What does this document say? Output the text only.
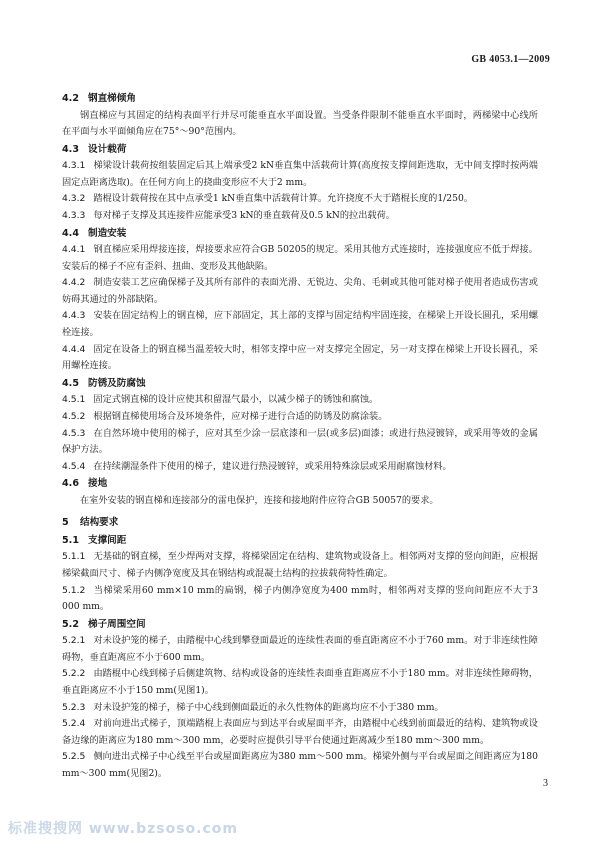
GB 4053.1—2009
4.2 钢直梯倾角

钢直梯应与其固定的结构表面平行并尽可能垂直水平面设置。当受条件限制不能垂直水平面时，两梯梁中心线所在平面与水平面倾角应在75°～90°范围内。

4.3 设计载荷

4.3.1 梯梁设计载荷按组装固定后其上端承受2 kN垂直集中活载荷计算(高度按支撑间距选取，无中间支撑时按两端固定点距离选取)。在任何方向上的挠曲变形应不大于2 mm。

4.3.2 踏棍设计载荷按在其中点承受1 kN垂直集中活载荷计算。允许挠度不大于踏棍长度的1/250。

4.3.3 每对梯子支撑及其连接件应能承受3 kN的垂直载荷及0.5 kN的拉出载荷。

4.4 制造安装

4.4.1 钢直梯应采用焊接连接，焊接要求应符合GB 50205的规定。采用其他方式连接时，连接强度应不低于焊接。安装后的梯子不应有歪斜、扭曲、变形及其他缺陷。

4.4.2 制造安装工艺应确保梯子及其所有部件的表面光滑、无锐边、尖角、毛刺或其他可能对梯子使用者造成伤害或妨碍其通过的外部缺陷。

4.4.3 安装在固定结构上的钢直梯，应下部固定，其上部的支撑与固定结构牢固连接，在梯梁上开设长圆孔，采用螺栓连接。

4.4.4 固定在设备上的钢直梯当温差较大时，相邻支撑中应一对支撑完全固定，另一对支撑在梯梁上开设长圆孔，采用螺栓连接。

4.5 防锈及防腐蚀

4.5.1 固定式钢直梯的设计应使其积留湿气最小，以减少梯子的锈蚀和腐蚀。

4.5.2 根据钢直梯使用场合及环境条件，应对梯子进行合适的防锈及防腐涂装。

4.5.3 在自然环境中使用的梯子，应对其至少涂一层底漆和一层(或多层)面漆；或进行热浸镀锌，或采用等效的金属保护方法。

4.5.4 在持续潮湿条件下使用的梯子，建议进行热浸镀锌，或采用特殊涂层或采用耐腐蚀材料。

4.6 接地

在室外安装的钢直梯和连接部分的雷电保护，连接和接地附件应符合GB 50057的要求。

5 结构要求
5.1 支撑间距

5.1.1 无基础的钢直梯，至少焊两对支撑，将梯梁固定在结构、建筑物或设备上。相邻两对支撑的竖向间距，应根据梯梁截面尺寸、梯子内侧净宽度及其在钢结构或混凝土结构的拉拔载荷特性确定。

5.1.2 当梯梁采用60 mm×10 mm的扁钢，梯子内侧净宽度为400 mm时，相邻两对支撑的竖向间距应不大于3 000 mm。

5.2 梯子周围空间

5.2.1 对未设护笼的梯子，由踏棍中心线到攀登面最近的连续性表面的垂直距离应不小于760 mm。对于非连续性障碍物，垂直距离应不小于600 mm。

5.2.2 由踏棍中心线到梯子后侧建筑物、结构或设备的连续性表面垂直距离应不小于180 mm。对非连续性障碍物，垂直距离应不小于150 mm(见图1)。

5.2.3 对未设护笼的梯子，梯子中心线到侧面最近的永久性物体的距离均应不小于380 mm。

5.2.4 对前向进出式梯子，顶端踏棍上表面应与到达平台或屋面平齐，由踏棍中心线到前面最近的结构、建筑物或设备边缘的距离应为180 mm～300 mm，必要时应提供引导平台使通过距离减少至180 mm～300 mm。

5.2.5 侧向进出式梯子中心线至平台或屋面距离应为380 mm～500 mm。梯梁外侧与平台或屋面之间距离应为180 mm～300 mm(见图2)。

3
标准搜搜网 www.bzsoso.com
